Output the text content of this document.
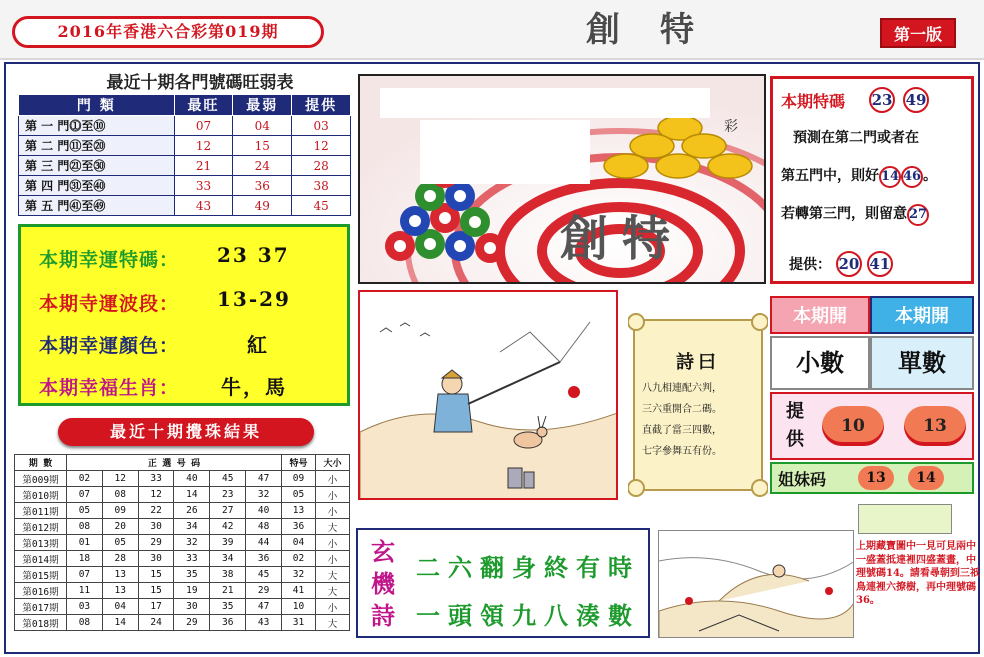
2016年香港六合彩第019期	創特	第一版
最近十期各門號碼旺弱表
門 類	最旺	最弱	提供
第 一 門⓵至⑩	07	04	03
第 二 門⑪至⑳	12	15	12
第 三 門㉑至㉚	21	24	28
第 四 門㉛至㊵	33	36	38
第 五 門㊶至㊾	43	49	45
本期幸運特碼： 23 37
本期寺運波段： 13-29
本期幸運顏色：	紅
本期幸福生肖： 牛，馬
最近十期攪珠結果
期 數	正 選 号 码						特号	大小
第009期	02	12	33	40	45	47	09	小
第010期	07	08	12	14	23	32	05	小
第011期	05	09	22	26	27	40	13	小
第012期	08	20	30	34	42	48	36	大
第013期	01	05	29	32	39	44	04	小
第014期	18	28	30	33	34	36	02	小
第015期	07	13	15	35	38	45	32	大
第016期	11	13	15	19	21	29	41	大
第017期	03	04	17	30	35	47	10	小
第018期	08	14	24	29	36	43	31	大
彩
創特
本期特碼 23 49
預測在第二門或者在
第五門中，則好 14 46 。
若轉第三門，則留意 27
提供： 20 41
詩曰
八九相連配六判，
三六重開合二碼。
直截了當三四數，
七字參舞五有份。
本期開	本期開
小數	單數
提供
10	13
姐妹码	13	14
玄機詩
二六翻身終有時
一頭領九八湊數
上期藏寶圖中一見可見兩中一盛蓋抵達裡四盛蓋畫，中理號碼14。請看尋朝到三祇鳥連裡六撩樹，再中理號碼36。
